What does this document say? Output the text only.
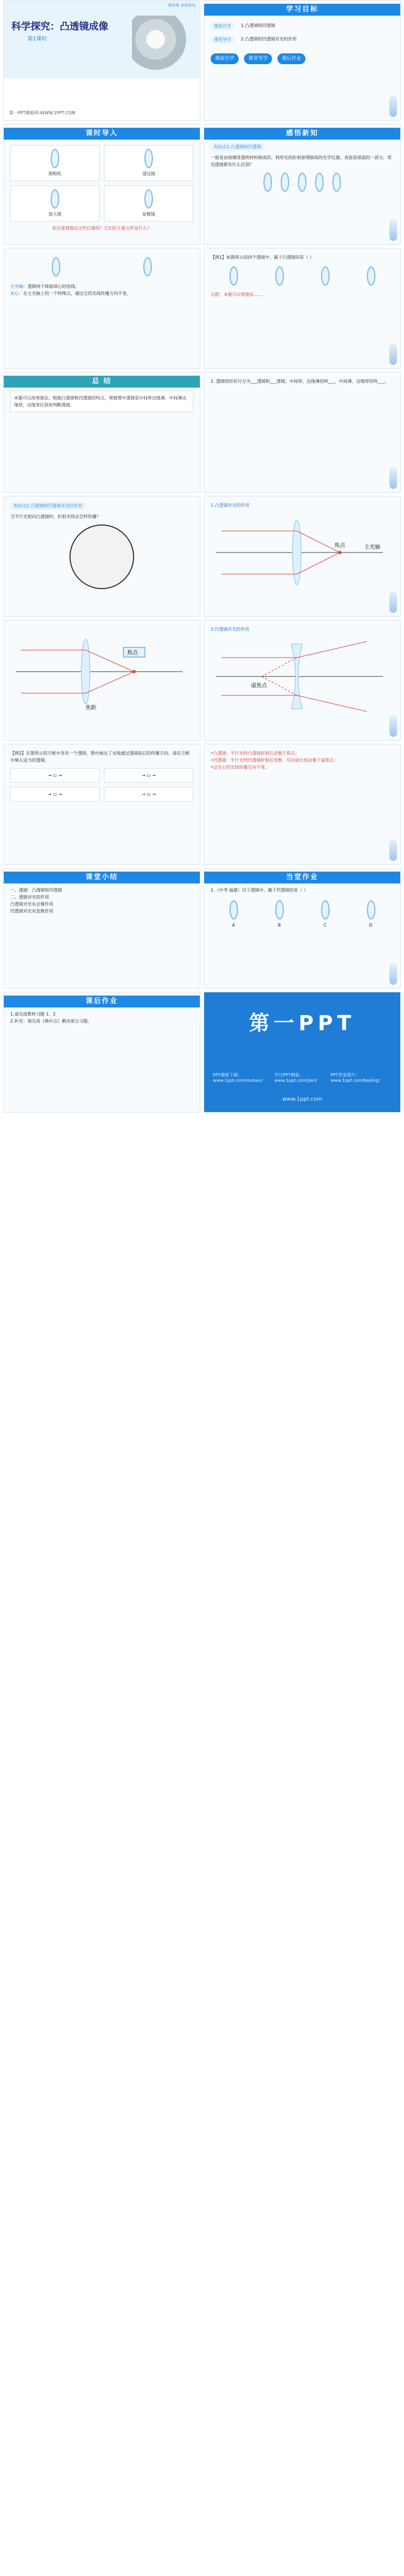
第四章 多彩的光
科学探究：凸透镜成像
第1课时
第一PPT模板网-WWW.1PPT.COM
学习目标
课前自学	1.凸透镜和凹透镜
课堂导学	2.凸透镜和凹透镜对光的作用
课前自学	课堂导学	课后作业
课时导入
照相机	望远镜
放大镜	显微镜
你注意观察过这些仪器吗？它们的主要元件是什么？
感悟新知
知识点1 凸透镜和凹透镜
一般是由玻璃等透明材料制成的、利用光的折射原理制成的光学仪器。表面是球面的一部分，常见透镜都有什么区别？
主光轴：透镜两个球面球心的连线；
光心：在主光轴上的一个特殊点，通过它的光线传播方向不变。
【例1】如图所示的四个透镜中，属于凸透镜的是（ ）
点拨：本题可以观察法……
总 结
本题可以用观察法，根据凸透镜和凹透镜的特点，观察图中透镜是中间厚边缘薄，中间薄边缘厚，边缘等区别而判断透镜。
1. 透镜按形状可分为___透镜和___透镜。中间厚、边缘薄的叫___，中间薄、边缘厚的叫___。
知识点2 凸透镜和凹透镜对光的作用
当平行光射向凸透镜时，折射光线会怎样传播？
1.凸透镜对光的作用
焦点	主光轴
焦点
焦距
2.凹透镜对光的作用
虚焦点
【例2】在图所示的方框中各有一个透镜，图中画出了光线通过透镜前后的传播方向，请在方框中填入适当的透镜。
→ ▭ →	→ ▭ →
→ ▭ →	→ ▭ →
•凸透镜：平行光经凸透镜折射后会聚于焦点；
•凹透镜：平行光经凹透镜折射后发散，反向延长线会聚于虚焦点；
•过光心的光线传播方向不变。
课堂小结
一、透镜：凸透镜和凹透镜
二、透镜对光的作用
凸透镜对光有会聚作用
凹透镜对光有发散作用
当堂作业
1.（中考·福建）以下透镜中，属于凹透镜的是（ ）
A	B	C	D
课后作业
1.请完成教材习题 1、2
2.补充：请完成《典中点》剩余部分习题。	第一PPT
www.1ppt.com
PPT模板下载：www.1ppt.com/moban/
节日PPT模板：www.1ppt.com/jieri/
PPT背景图片：www.1ppt.com/beijing/
